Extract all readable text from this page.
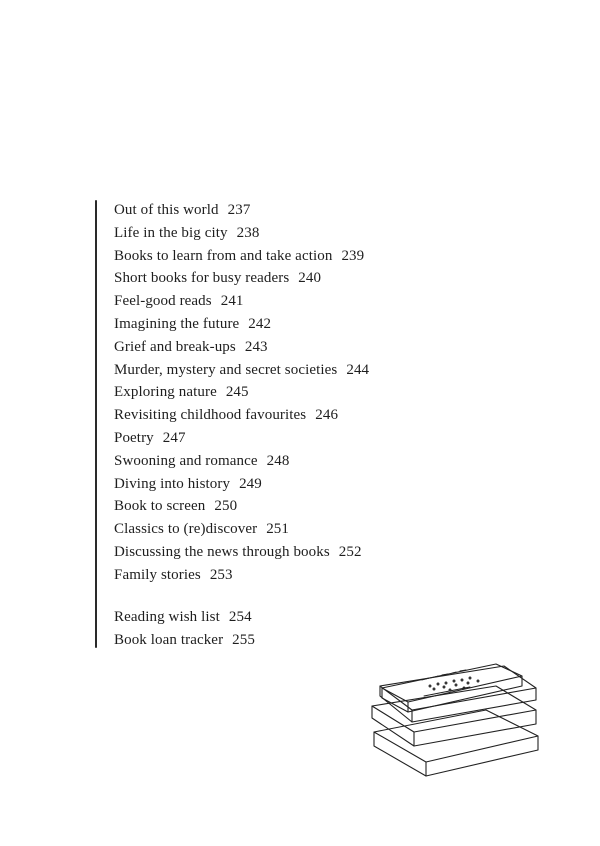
Out of this world 237
Life in the big city 238
Books to learn from and take action 239
Short books for busy readers 240
Feel-good reads 241
Imagining the future 242
Grief and break-ups 243
Murder, mystery and secret societies 244
Exploring nature 245
Revisiting childhood favourites 246
Poetry 247
Swooning and romance 248
Diving into history 249
Book to screen 250
Classics to (re)discover 251
Discussing the news through books 252
Family stories 253
Reading wish list 254
Book loan tracker 255
